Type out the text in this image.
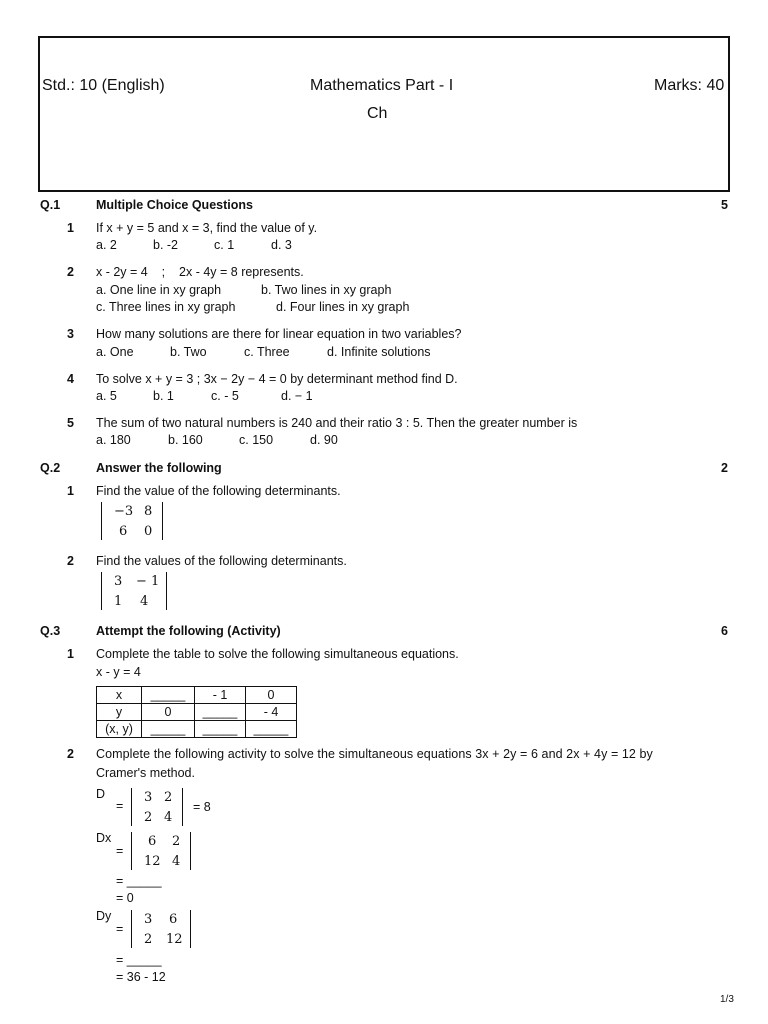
Std.: 10 (English)	Mathematics Part - I	Marks: 40
Ch
Q.1	Multiple Choice Questions	5
1 If x + y = 5 and x = 3, find the value of y.
a. 2	b. -2	c. 1	d. 3
2 x - 2y = 4    ;    2x - 4y = 8 represents.
a. One line in xy graph	b. Two lines in xy graph
c. Three lines in xy graph	d. Four lines in xy graph
3 How many solutions are there for linear equation in two variables?
a. One	b. Two	c. Three	d. Infinite solutions
4 To solve x + y = 3 ; 3x − 2y − 4 = 0 by determinant method find D.
a. 5	b. 1	c. - 5	d. − 1
5 The sum of two natural numbers is 240 and their ratio 3 : 5. Then the greater number is
a. 180	b. 160	c. 150	d. 90
Q.2	Answer the following	2
1 Find the value of the following determinants.
−3 8
6 0
2 Find the values of the following determinants.
3 − 1
1 4
Q.3	Attempt the following (Activity)	6
1 Complete the table to solve the following simultaneous equations.
x - y = 4
x	_____	- 1	0
y	0	_____	- 4
(x, y)	_____	_____	_____
2 Complete the following activity to solve the simultaneous equations 3x + 2y = 6 and 2x + 4y = 12 by
Cramer's method.
D
=
3 2
2 4
= 8
Dx
=
6 2
12 4
= _____
= 0
Dy
=
3 6
2 12
= _____
= 36 - 12
1/3
